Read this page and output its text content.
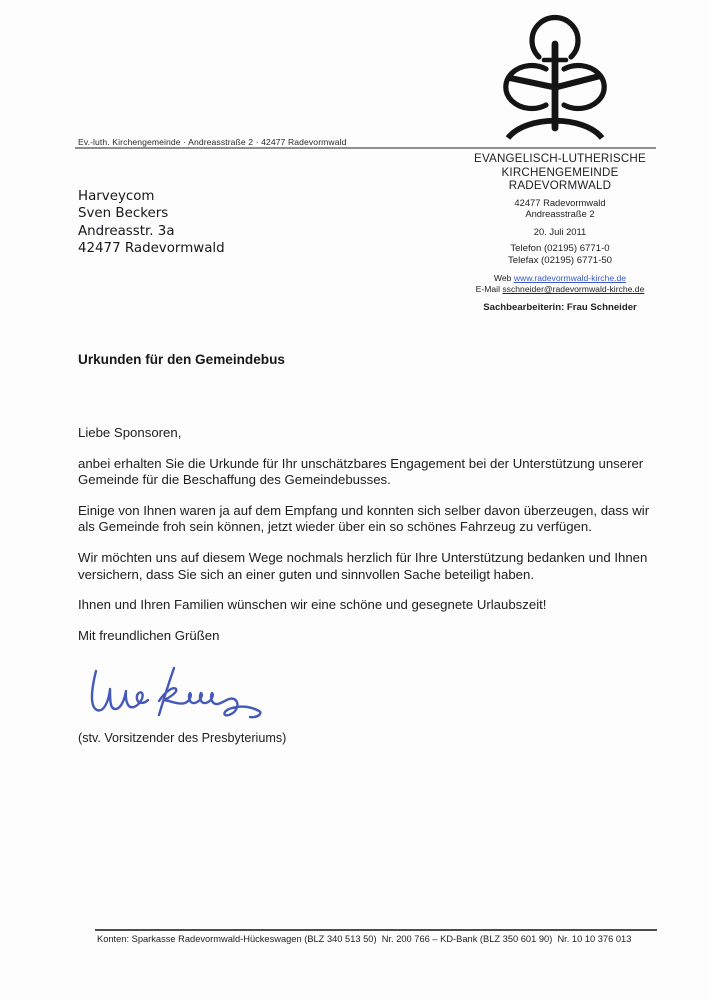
Ev.-luth. Kirchengemeinde · Andreasstraße 2 · 42477 Radevormwald
EVANGELISCH-LUTHERISCHE
KIRCHENGEMEINDE
RADEVORMWALD
42477 Radevormwald
Andreasstraße 2
20. Juli 2011
Telefon (02195) 6771-0
Telefax (02195) 6771-50
Web www.radevormwald-kirche.de
E-Mail sschneider@radevormwald-kirche.de
Sachbearbeiterin: Frau Schneider
Harveycom
Sven Beckers
Andreasstr. 3a
42477 Radevormwald
Urkunden für den Gemeindebus

Liebe Sponsoren,

anbei erhalten Sie die Urkunde für Ihr unschätzbares Engagement bei der Unterstützung unserer Gemeinde für die Beschaffung des Gemeindebusses.

Einige von Ihnen waren ja auf dem Empfang und konnten sich selber davon überzeugen, dass wir als Gemeinde froh sein können, jetzt wieder über ein so schönes Fahrzeug zu verfügen.

Wir möchten uns auf diesem Wege nochmals herzlich für Ihre Unterstützung bedanken und Ihnen versichern, dass Sie sich an einer guten und sinnvollen Sache beteiligt haben.

Ihnen und Ihren Familien wünschen wir eine schöne und gesegnete Urlaubszeit!

Mit freundlichen Grüßen

(stv. Vorsitzender des Presbyteriums)
Konten: Sparkasse Radevormwald-Hückeswagen (BLZ 340 513 50)  Nr. 200 766 – KD-Bank (BLZ 350 601 90)  Nr. 10 10 376 013
